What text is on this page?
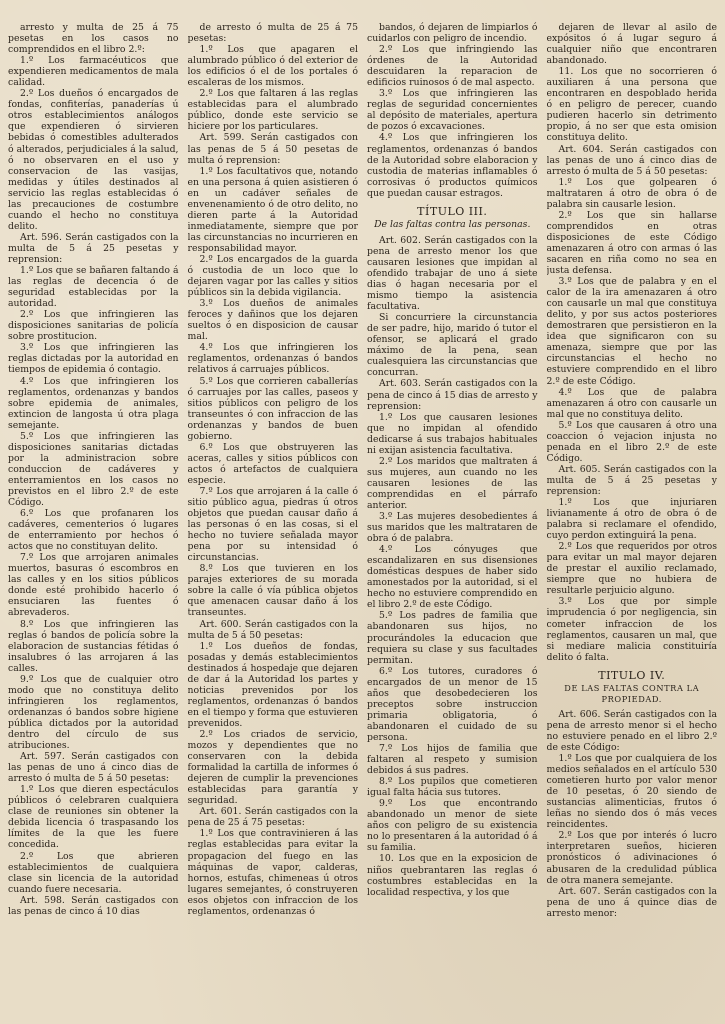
arresto y multa de 25 á 75 pesetas en los casos no comprendidos en el libro 2.º:

1.º Los farmacéuticos que expendieren medicamentos de mala calidad.

2.º Los dueños ó encargados de fondas, confiterías, panaderías ú otros establecimientos análogos que expendieren ó sirvieren bebidas ó comestibles adulterados ó alterados, perjudiciales á la salud, ó no observaren en el uso y conservacion de las vasijas, medidas y útiles destinados al servicio las reglas establecidas ó las precauciones de costumbre cuando el hecho no constituya delito.

Art. 596. Serán castigados con la multa de 5 á 25 pesetas y reprension:

1.º Los que se bañaren faltando á las reglas de decencia ó de seguridad establecidas por la autoridad.

2.º Los que infringieren las disposiciones sanitarias de policía sobre prostitucion.

3.º Los que infringieren las reglas dictadas por la autoridad en tiempos de epidemia ó contagio.

4.º Los que infringieren los reglamentos, ordenanzas y bandos sobre epidemia de animales, extincion de langosta ú otra plaga semejante.

5.º Los que infringieren las disposiciones sanitarias dictadas por la administracion sobre conduccion de cadáveres y enterramientos en los casos no previstos en el libro 2.º de este Código.

6.º Los que profanaren los cadáveres, cementerios ó lugares de enterramiento por hechos ó actos que no constituyan delito.

7.º Los que arrojaren animales muertos, basuras ó escombros en las calles y en los sitios públicos donde esté prohibido hacerlo ó ensuciaren las fuentes ó abrevaderos.

8.º Los que infringieren las reglas ó bandos de policía sobre la elaboracion de sustancias fétidas ó insalubres ó las arrojaren á las calles.

9.º Los que de cualquier otro modo que no constituya delito infringieren los reglamentos, ordenanzas ó bandos sobre higiene pública dictados por la autoridad dentro del círculo de sus atribuciones.

Art. 597. Serán castigados con las penas de uno á cinco dias de arresto ó multa de 5 á 50 pesetas:

1.º Los que dieren espectáculos públicos ó celebraren cualquiera clase de reuniones sin obtener la debida licencia ó traspasando los límites de la que les fuere concedida.

2.º Los que abrieren establecimientos de cualquiera clase sin licencia de la autoridad cuando fuere necesaria.

Art. 598. Serán castigados con las penas de cinco á 10 dias

de arresto ó multa de 25 á 75 pesetas:

1.º Los que apagaren el alumbrado público ó del exterior de los edificios ó el de los portales ó escaleras de los mismos.

2.º Los que faltaren á las reglas establecidas para el alumbrado público, donde este servicio se hiciere por los particulares.

Art. 599. Serán castigados con las penas de 5 á 50 pesetas de multa ó reprension:

1.º Los facultativos que, notando en una persona á quien asistieren ó en un cadáver señales de envenenamiento ó de otro delito, no dieren parte á la Autoridad inmediatamente, siempre que por las circunstancias no incurrieren en responsabilidad mayor.

2.º Los encargados de la guarda ó custodia de un loco que lo dejaren vagar por las calles y sitios públicos sin la debida vigilancia.

3.º Los dueños de animales feroces y dañinos que los dejaren sueltos ó en disposicion de causar mal.

4.º Los que infringieren los reglamentos, ordenanzas ó bandos relativos á carruajes públicos.

5.º Los que corrieren caballerías ó carruajes por las calles, paseos y sitios públicos con peligro de los transeuntes ó con infraccion de las ordenanzas y bandos de buen gobierno.

6.º Los que obstruyeren las aceras, calles y sitios públicos con actos ó artefactos de cualquiera especie.

7.º Los que arrojaren á la calle ó sitio público agua, piedras ú otros objetos que puedan causar daño á las personas ó en las cosas, si el hecho no tuviere señalada mayor pena por su intensidad ó circunstancias.

8.º Los que tuvieren en los parajes exteriores de su morada sobre la calle ó vía pública objetos que amenacen causar daño á los transeuntes.

Art. 600. Serán castigados con la multa de 5 á 50 pesetas:

1.º Los dueños de fondas, posadas y demás establecimientos destinados á hospedaje que dejaren de dar á la Autoridad los partes y noticias prevenidos por los reglamentos, ordenanzas ó bandos en el tiempo y forma que estuvieren prevenidos.

2.º Los criados de servicio, mozos y dependientes que no conservaren con la debida formalidad la cartilla de informes ó dejeren de cumplir la prevenciones establecidas para garantía y seguridad.

Art. 601. Serán castigados con la pena de 25 á 75 pesetas:

1.º Los que contravinieren á las reglas establecidas para evitar la propagacion del fuego en las máquinas de vapor, calderas, hornos, estufas, chimeneas ú otros lugares semejantes, ó construyeren esos objetos con infraccion de los reglamentos, ordenanzas ó

bandos, ó dejaren de limpiarlos ó cuidarlos con peligro de incendio.

2.º Los que infringiendo las órdenes de la Autoridad descuidaren la reparacion de edificios ruinosos ó de mal aspecto.

3.º Los que infringieren las reglas de seguridad concernientes al depósito de materiales, apertura de pozos ó excavaciones.

4.º Los que infringieren los reglamentos, ordenanzas ó bandos de la Autoridad sobre elaboracion y custodia de materias inflamables ó corrosivas ó productos químicos que puedan causar estragos.

TÍTULO III.

De las faltas contra las personas.

Art. 602. Serán castigados con la pena de arresto menor los que causaren lesiones que impidan al ofendido trabajar de uno á siete dias ó hagan necesaria por el mismo tiempo la asistencia facultativa.

Si concurriere la circunstancia de ser padre, hijo, marido ó tutor el ofensor, se aplicará el grado máximo de la pena, sean cualesquiera las circunstancias que concurran.

Art. 603. Serán castigados con la pena de cinco á 15 dias de arresto y reprension:

1.º Los que causaren lesiones que no impidan al ofendido dedicarse á sus trabajos habituales ni exijan asistencia facultativa.

2.º Los maridos que maltraten á sus mujeres, aun cuando no les causaren lesiones de las comprendidas en el párrafo anterior.

3.º Las mujeres desobedientes á sus maridos que les maltrataren de obra ó de palabra.

4.º Los cónyuges que escandalizaren en sus disensiones domésticas despues de haber sido amonestados por la autoridad, si el hecho no estuviere comprendido en el libro 2.º de este Código.

5.º Los padres de familia que abandonaren sus hijos, no procurándoles la educacion que requiera su clase y sus facultades permitan.

6.º Los tutores, curadores ó encargados de un menor de 15 años que desobedecieren los preceptos sobre instruccion primaria obligatoria, ó abandonaren el cuidado de su persona.

7.º Los hijos de familia que faltaren al respeto y sumision debidos á sus padres.

8.º Los pupilos que cometieren igual falta hácia sus tutores.

9.º Los que encontrando abandonado un menor de siete años con peligro de su existencia no lo presentaren á la autoridad ó á su familia.

10. Los que en la exposicion de niños quebrantaren las reglas ó costumbres establecidas en la localidad respectiva, y los que

dejaren de llevar al asilo de expósitos ó á lugar seguro á cualquier niño que encontraren abandonado.

11. Los que no socorrieren ó auxiliaren á una persona que encontraren en despoblado herida ó en peligro de perecer, cuando pudieren hacerlo sin detrimento propio, á no ser que esta omision constituya delito.

Art. 604. Serán castigados con las penas de uno á cinco dias de arresto ó multa de 5 á 50 pesetas:

1.º Los que golpearen ó maltrataren á otro de obra ó de palabra sin causarle lesion.

2.º Los que sin hallarse comprendidos en otras disposiciones de este Código amenazaren á otro con armas ó las sacaren en riña como no sea en justa defensa.

3.º Los que de palabra y en el calor de la ira amenazaren á otro con causarle un mal que constituya delito, y por sus actos posteriores demostraren que persistieron en la idea que significaron con su amenaza, siempre que por las circunstancias el hecho no estuviere comprendido en el libro 2.º de este Código.

4.º Los que de palabra amenazaren á otro con causarle un mal que no constituya delito.

5.º Los que causaren á otro una coaccion ó vejacion injusta no penada en el libro 2.º de este Código.

Art. 605. Serán castigados con la multa de 5 á 25 pesetas y reprension:

1.º Los que injuriaren livianamente á otro de obra ó de palabra si reclamare el ofendido, cuyo perdon extinguirá la pena.

2.º Los que requeridos por otros para evitar un mal mayor dejaren de prestar el auxilio reclamado, siempre que no hubiera de resultarle perjuicio alguno.

3.º Los que por simple imprudencia ó por negligencia, sin cometer infraccion de los reglamentos, causaren un mal, que si mediare malicia constituiría delito ó falta.

TITULO IV.

DE LAS FALTAS CONTRA LA PROPIEDAD.

Art. 606. Serán castigados con la pena de arresto menor si el hecho no estuviere penado en el libro 2.º de este Código:

1.º Los que por cualquiera de los medios señalados en el artículo 530 cometieren hurto por valor menor de 10 pesetas, ó 20 siendo de sustancias alimenticias, frutos ó leñas no siendo dos ó más veces reincidentes.

2.º Los que por interés ó lucro interpretaren sueños, hicieren pronósticos ó adivinaciones ó abusaren de la credulidad pública de otra manera semejante.

Art. 607. Serán castigados con la pena de uno á quince dias de arresto menor:
